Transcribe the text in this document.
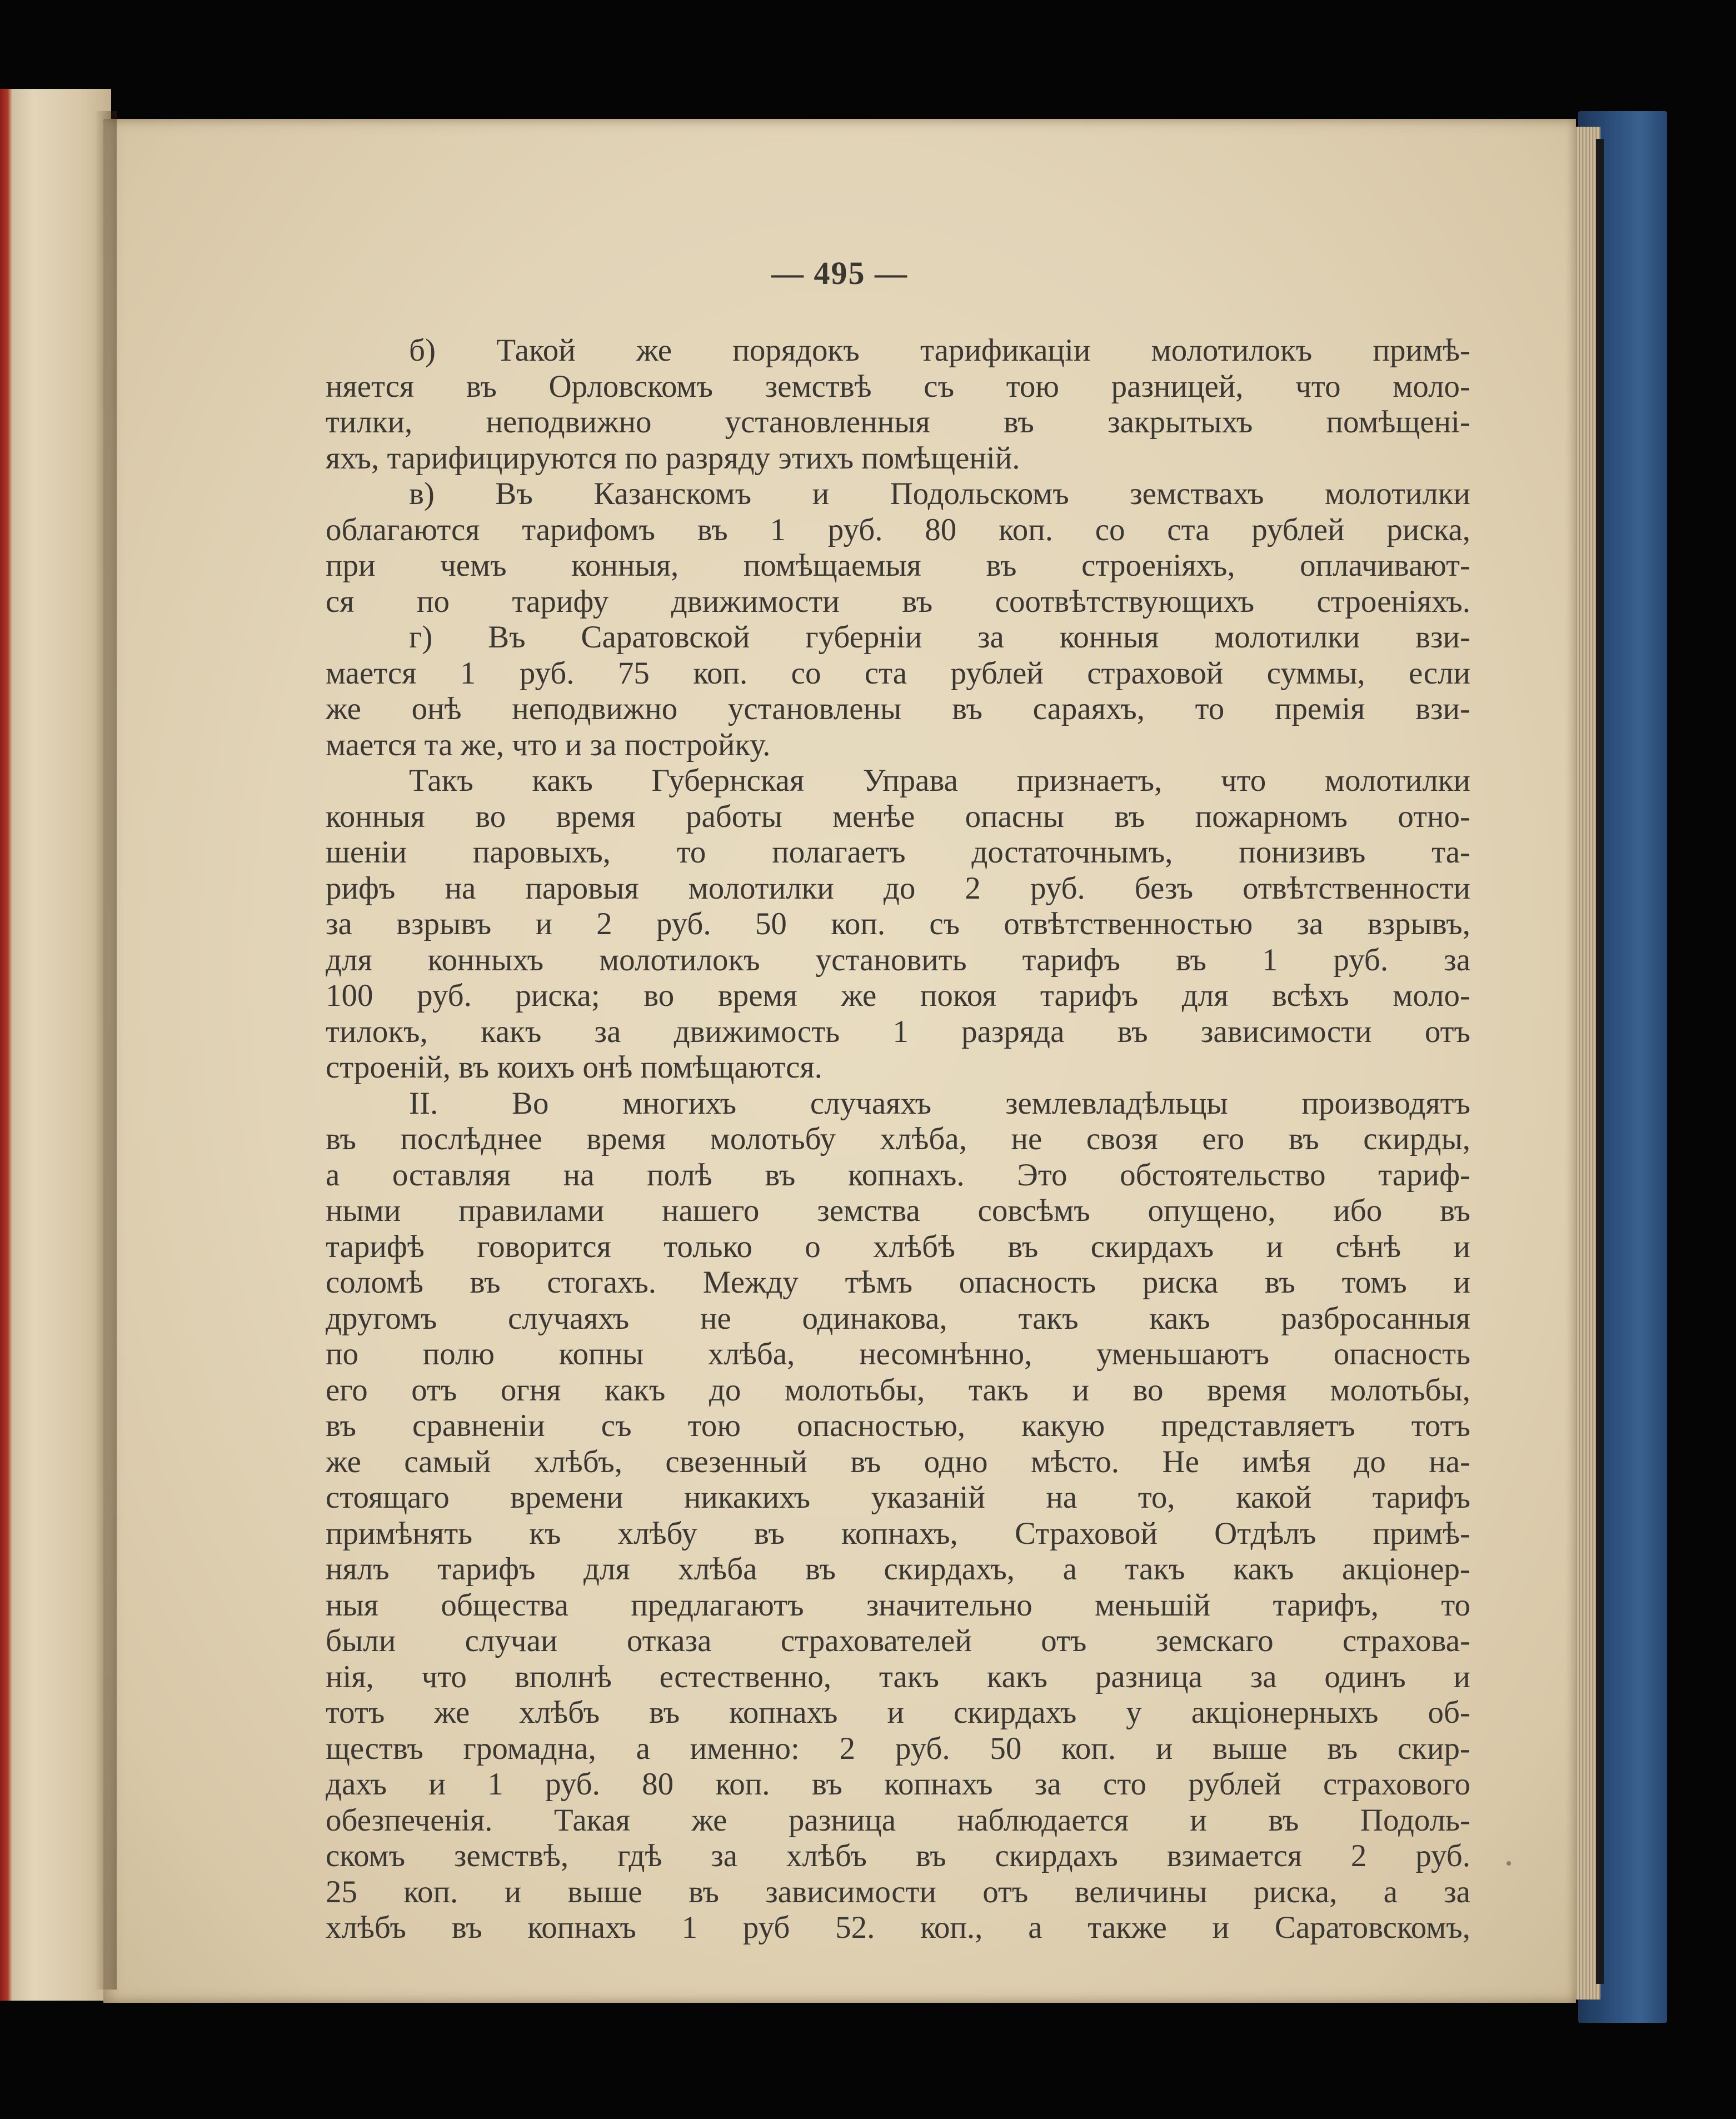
— 495 —
б) Такой же порядокъ тарификацiи молотилокъ примѣ-
няется въ Орловскомъ земствѣ съ тою разницей, что моло-
тилки, неподвижно установленныя въ закрытыхъ помѣщенi-
яхъ, тарифицируются по разряду этихъ помѣщенiй.
в) Въ Казанскомъ и Подольскомъ земствахъ молотилки
облагаются тарифомъ въ 1 руб. 80 коп. со ста рублей риска,
при чемъ конныя, помѣщаемыя въ строенiяхъ, оплачивают-
ся по тарифу движимости въ соотвѣтствующихъ строенiяхъ.
г) Въ Саратовской губернiи за конныя молотилки взи-
мается 1 руб. 75 коп. со ста рублей страховой суммы, если
же онѣ неподвижно установлены въ сараяхъ, то премiя взи-
мается та же, что и за постройку.
Такъ какъ Губернская Управа признаетъ, что молотилки
конныя во время работы менѣе опасны въ пожарномъ отно-
шенiи паровыхъ, то полагаетъ достаточнымъ, понизивъ та-
рифъ на паровыя молотилки до 2 руб. безъ отвѣтственности
за взрывъ и 2 руб. 50 коп. съ отвѣтственностью за взрывъ,
для конныхъ молотилокъ установить тарифъ въ 1 руб. за
100 руб. риска; во время же покоя тарифъ для всѣхъ моло-
тилокъ, какъ за движимость 1 разряда въ зависимости отъ
строенiй, въ коихъ онѣ помѣщаются.
II. Во многихъ случаяхъ землевладѣльцы производятъ
въ послѣднее время молотьбу хлѣба, не свозя его въ скирды,
а оставляя на полѣ въ копнахъ. Это обстоятельство тариф-
ными правилами нашего земства совсѣмъ опущено, ибо въ
тарифѣ говорится только о хлѣбѣ въ скирдахъ и сѣнѣ и
соломѣ въ стогахъ. Между тѣмъ опасность риска въ томъ и
другомъ случаяхъ не одинакова, такъ какъ разбросанныя
по полю копны хлѣба, несомнѣнно, уменьшаютъ опасность
его отъ огня какъ до молотьбы, такъ и во время молотьбы,
въ сравненiи съ тою опасностью, какую представляетъ тотъ
же самый хлѣбъ, свезенный въ одно мѣсто. Не имѣя до на-
стоящаго времени никакихъ указанiй на то, какой тарифъ
примѣнять къ хлѣбу въ копнахъ, Страховой Отдѣлъ примѣ-
нялъ тарифъ для хлѣба въ скирдахъ, а такъ какъ акцiонер-
ныя общества предлагаютъ значительно меньшiй тарифъ, то
были случаи отказа страхователей отъ земскаго страхова-
нiя, что вполнѣ естественно, такъ какъ разница за одинъ и
тотъ же хлѣбъ въ копнахъ и скирдахъ у акцiонерныхъ об-
ществъ громадна, а именно: 2 руб. 50 коп. и выше въ скир-
дахъ и 1 руб. 80 коп. въ копнахъ за сто рублей страхового
обезпеченiя. Такая же разница наблюдается и въ Подоль-
скомъ земствѣ, гдѣ за хлѣбъ въ скирдахъ взимается 2 руб.
25 коп. и выше въ зависимости отъ величины риска, а за
хлѣбъ въ копнахъ 1 руб 52. коп., а также и Саратовскомъ,
